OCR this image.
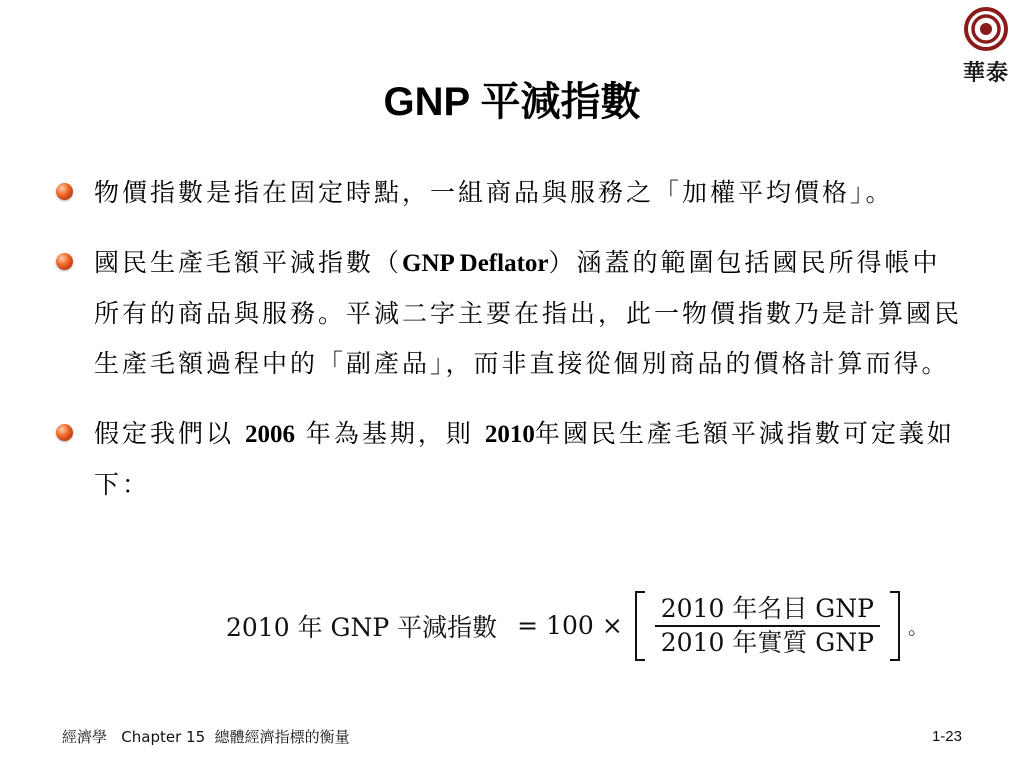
華泰
GNP 平減指數
物價指數是指在固定時點，一組商品與服務之「加權平均價格」。
國民生產毛額平減指數（GNP Deflator）涵蓋的範圍包括國民所得帳中所有的商品與服務。平減二字主要在指出，此一物價指數乃是計算國民生產毛額過程中的「副產品」，而非直接從個別商品的價格計算而得。
假定我們以 2006 年為基期，則 2010年國民生產毛額平減指數可定義如下：
2010 年 GNP 平減指數 = $100 \times \frac{\text{2010 年名目 GNP}}{\text{2010 年實質 GNP}}$ 。
經濟學   Chapter 15  總體經濟指標的衡量	1-23
